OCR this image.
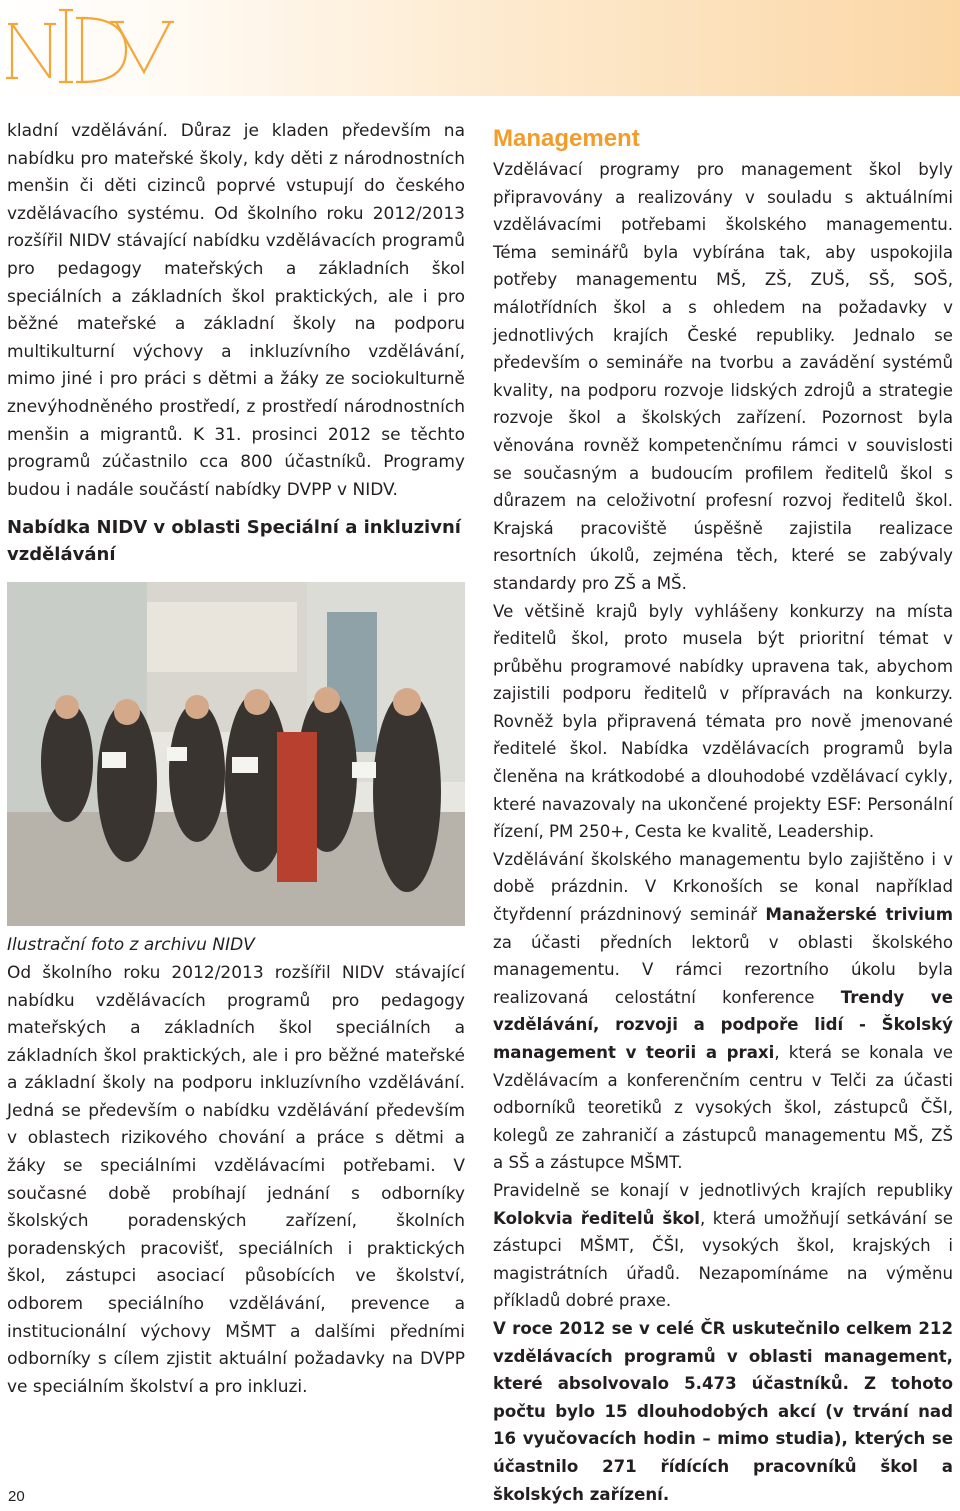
kladní vzdělávání. Důraz je kladen především na nabídku pro mateřské školy, kdy děti z národnostních menšin či děti cizinců poprvé vstupují do českého vzdělávacího systému. Od školního roku 2012/2013 rozšířil NIDV stávající nabídku vzdělávacích programů pro pedagogy mateřských a základních škol speciálních a základních škol praktických, ale i pro běžné mateřské a základní školy na podporu multikulturní výchovy a inkluzívního vzdělávání, mimo jiné i pro práci s dětmi a žáky ze sociokulturně znevýhodněného prostředí, z prostředí národnostních menšin a migrantů. K 31. prosinci 2012 se těchto programů zúčastnilo cca 800 účastníků. Programy budou i nadále součástí nabídky DVPP v NIDV.

Nabídka NIDV v oblasti Speciální a inkluzivní vzdělávání

Ilustrační foto z archivu NIDV

Od školního roku 2012/2013 rozšířil NIDV stávající nabídku vzdělávacích programů pro pedagogy mateřských a základních škol speciálních a základních škol praktických, ale i pro běžné mateřské a základní školy na podporu inkluzívního vzdělávání. Jedná se především o nabídku vzdělávání především v oblastech rizikového chování a práce s dětmi a žáky se speciálními vzdělávacími potřebami. V současné době probíhají jednání s odborníky školských poradenských zařízení, školních poradenských pracovišť, speciálních i praktických škol, zástupci asociací působících ve školství, odborem speciálního vzdělávání, prevence a institucionální výchovy MŠMT a dalšími předními odborníky s cílem zjistit aktuální požadavky na DVPP ve speciálním školství a pro inkluzi.

Management

Vzdělávací programy pro management škol byly připravovány a realizovány v souladu s aktuálními vzdělávacími potřebami školského managementu. Téma seminářů byla vybírána tak, aby uspokojila potřeby managementu MŠ, ZŠ, ZUŠ, SŠ, SOŠ, málotřídních škol a s ohledem na požadavky v jednotlivých krajích České republiky. Jednalo se především o semináře na tvorbu a zavádění systémů kvality, na podporu rozvoje lidských zdrojů a strategie rozvoje škol a školských zařízení. Pozornost byla věnována rovněž kompetenčnímu rámci v souvislosti se současným a budoucím profilem ředitelů škol s důrazem na celoživotní profesní rozvoj ředitelů škol. Krajská pracoviště úspěšně zajistila realizace resortních úkolů, zejména těch, které se zabývaly standardy pro ZŠ a MŠ.

Ve většině krajů byly vyhlášeny konkurzy na místa ředitelů škol, proto musela být prioritní témat v průběhu programové nabídky upravena tak, abychom zajistili podporu ředitelů v přípravách na konkurzy. Rovněž byla připravená témata pro nově jmenované ředitelé škol. Nabídka vzdělávacích programů byla členěna na krátkodobé a dlouhodobé vzdělávací cykly, které navazovaly na ukončené projekty ESF: Personální řízení, PM 250+, Cesta ke kvalitě, Leadership.

Vzdělávání školského managementu bylo zajištěno i v době prázdnin. V Krkonoších se konal například čtyřdenní prázdninový seminář Manažerské trivium za účasti předních lektorů v oblasti školského managementu. V rámci rezortního úkolu byla realizovaná celostátní konference Trendy ve vzdělávání, rozvoji a podpoře lidí - Školský management v teorii a praxi, která se konala ve Vzdělávacím a konferenčním centru v Telči za účasti odborníků teoretiků z vysokých škol, zástupců ČŠI, kolegů ze zahraničí a zástupců managementu MŠ, ZŠ a SŠ a zástupce MŠMT.

Pravidelně se konají v jednotlivých krajích republiky Kolokvia ředitelů škol, která umožňují setkávání se zástupci MŠMT, ČŠI, vysokých škol, krajských i magistrátních úřadů. Nezapomínáme na výměnu příkladů dobré praxe.

V roce 2012 se v celé ČR uskutečnilo celkem 212 vzdělávacích programů v oblasti management, které absolvovalo 5.473 účastníků. Z tohoto počtu bylo 15 dlouhodobých akcí (v trvání nad 16 vyučovacích hodin – mimo studia), kterých se účastnilo 271 řídících pracovníků škol a školských zařízení.

20
